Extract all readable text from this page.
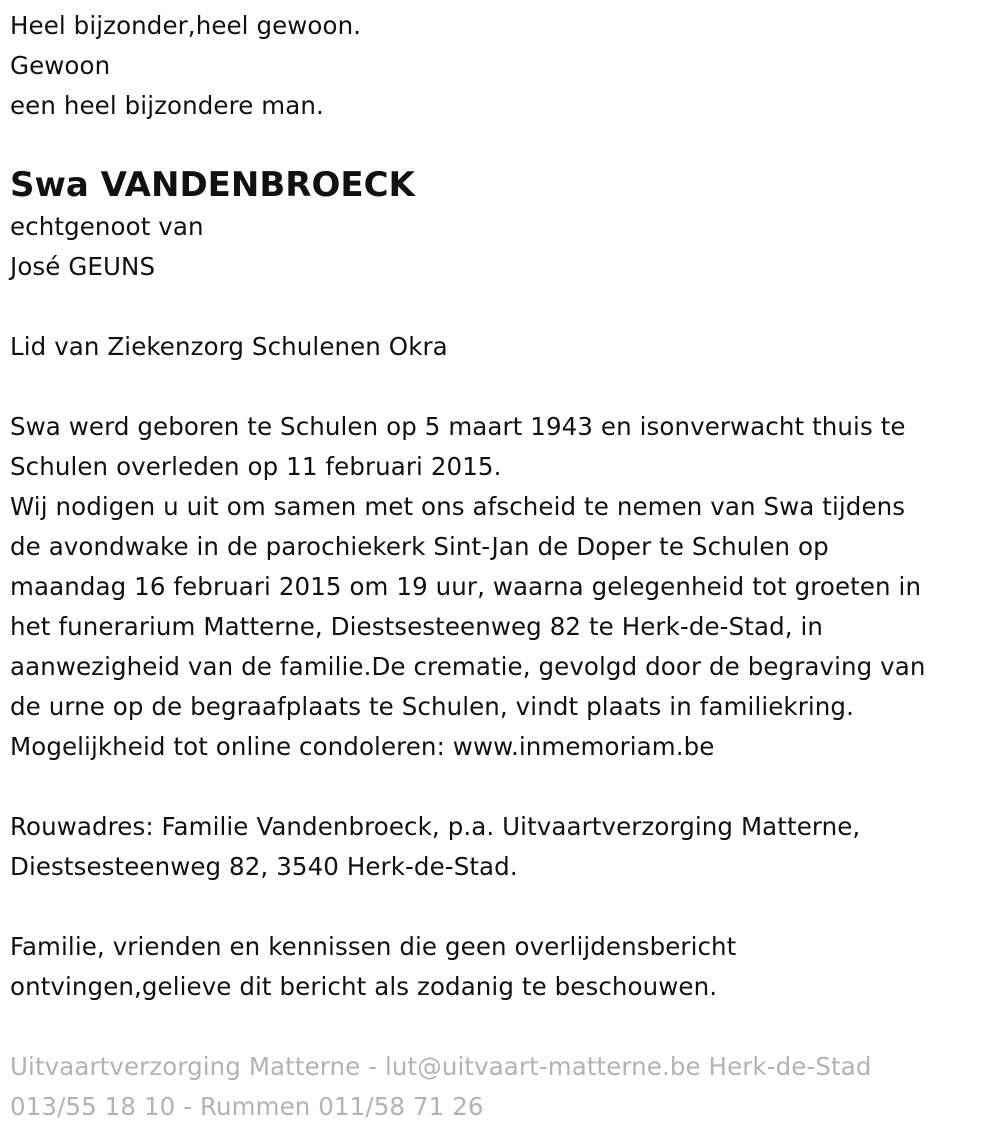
Heel bijzonder,heel gewoon.
Gewoon
een heel bijzondere man.
Swa VANDENBROECK
echtgenoot van
José GEUNS
Lid van Ziekenzorg Schulenen Okra
Swa werd geboren te Schulen op 5 maart 1943 en isonverwacht thuis te
Schulen overleden op 11 februari 2015.
Wij nodigen u uit om samen met ons afscheid te nemen van Swa tijdens
de avondwake in de parochiekerk Sint-Jan de Doper te Schulen op
maandag 16 februari 2015 om 19 uur, waarna gelegenheid tot groeten in
het funerarium Matterne, Diestsesteenweg 82 te Herk-de-Stad, in
aanwezigheid van de familie.De crematie, gevolgd door de begraving van
de urne op de begraafplaats te Schulen, vindt plaats in familiekring.
Mogelijkheid tot online condoleren: www.inmemoriam.be
Rouwadres: Familie Vandenbroeck, p.a. Uitvaartverzorging Matterne,
Diestsesteenweg 82, 3540 Herk-de-Stad.
Familie, vrienden en kennissen die geen overlijdensbericht
ontvingen,gelieve dit bericht als zodanig te beschouwen.
Uitvaartverzorging Matterne - lut@uitvaart-matterne.be Herk-de-Stad
013/55 18 10 - Rummen 011/58 71 26
